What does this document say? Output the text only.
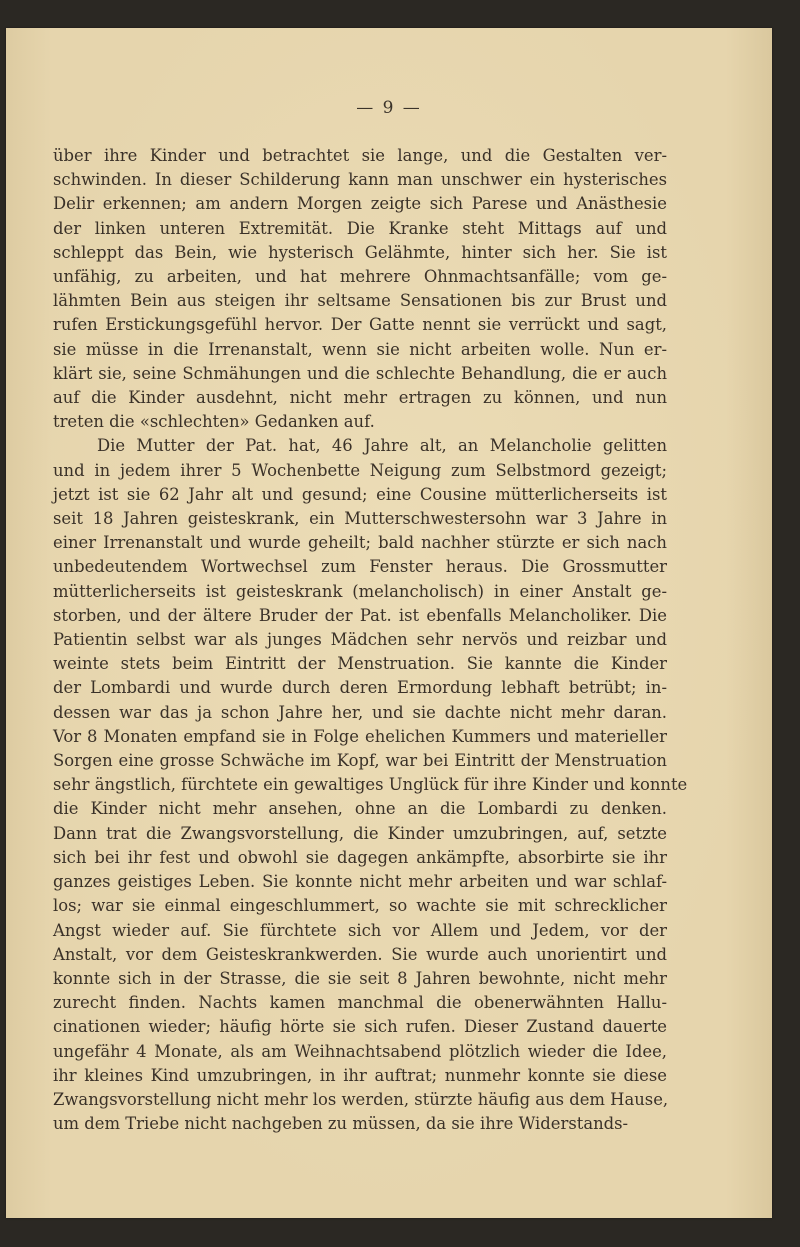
— 9 —

über ihre Kinder und betrachtet sie lange, und die Gestalten ver-
schwinden. In dieser Schilderung kann man unschwer ein hysterisches
Delir erkennen; am andern Morgen zeigte sich Parese und Anästhesie
der linken unteren Extremität. Die Kranke steht Mittags auf und
schleppt das Bein, wie hysterisch Gelähmte, hinter sich her. Sie ist
unfähig, zu arbeiten, und hat mehrere Ohnmachtsanfälle; vom ge-
lähmten Bein aus steigen ihr seltsame Sensationen bis zur Brust und
rufen Erstickungsgefühl hervor. Der Gatte nennt sie verrückt und sagt,
sie müsse in die Irrenanstalt, wenn sie nicht arbeiten wolle. Nun er-
klärt sie, seine Schmähungen und die schlechte Behandlung, die er auch
auf die Kinder ausdehnt, nicht mehr ertragen zu können, und nun
treten die «schlechten» Gedanken auf.

Die Mutter der Pat. hat, 46 Jahre alt, an Melancholie gelitten
und in jedem ihrer 5 Wochenbette Neigung zum Selbstmord gezeigt;
jetzt ist sie 62 Jahr alt und gesund; eine Cousine mütterlicherseits ist
seit 18 Jahren geisteskrank, ein Mutterschwestersohn war 3 Jahre in
einer Irrenanstalt und wurde geheilt; bald nachher stürzte er sich nach
unbedeutendem Wortwechsel zum Fenster heraus. Die Grossmutter
mütterlicherseits ist geisteskrank (melancholisch) in einer Anstalt ge-
storben, und der ältere Bruder der Pat. ist ebenfalls Melancholiker. Die
Patientin selbst war als junges Mädchen sehr nervös und reizbar und
weinte stets beim Eintritt der Menstruation. Sie kannte die Kinder
der Lombardi und wurde durch deren Ermordung lebhaft betrübt; in-
dessen war das ja schon Jahre her, und sie dachte nicht mehr daran.
Vor 8 Monaten empfand sie in Folge ehelichen Kummers und materieller
Sorgen eine grosse Schwäche im Kopf, war bei Eintritt der Menstruation
sehr ängstlich, fürchtete ein gewaltiges Unglück für ihre Kinder und konnte
die Kinder nicht mehr ansehen, ohne an die Lombardi zu denken.
Dann trat die Zwangsvorstellung, die Kinder umzubringen, auf, setzte
sich bei ihr fest und obwohl sie dagegen ankämpfte, absorbirte sie ihr
ganzes geistiges Leben. Sie konnte nicht mehr arbeiten und war schlaf-
los; war sie einmal eingeschlummert, so wachte sie mit schrecklicher
Angst wieder auf. Sie fürchtete sich vor Allem und Jedem, vor der
Anstalt, vor dem Geisteskrankwerden. Sie wurde auch unorientirt und
konnte sich in der Strasse, die sie seit 8 Jahren bewohnte, nicht mehr
zurecht finden. Nachts kamen manchmal die obenerwähnten Hallu-
cinationen wieder; häufig hörte sie sich rufen. Dieser Zustand dauerte
ungefähr 4 Monate, als am Weihnachtsabend plötzlich wieder die Idee,
ihr kleines Kind umzubringen, in ihr auftrat; nunmehr konnte sie diese
Zwangsvorstellung nicht mehr los werden, stürzte häufig aus dem Hause,
um dem Triebe nicht nachgeben zu müssen, da sie ihre Widerstands-
